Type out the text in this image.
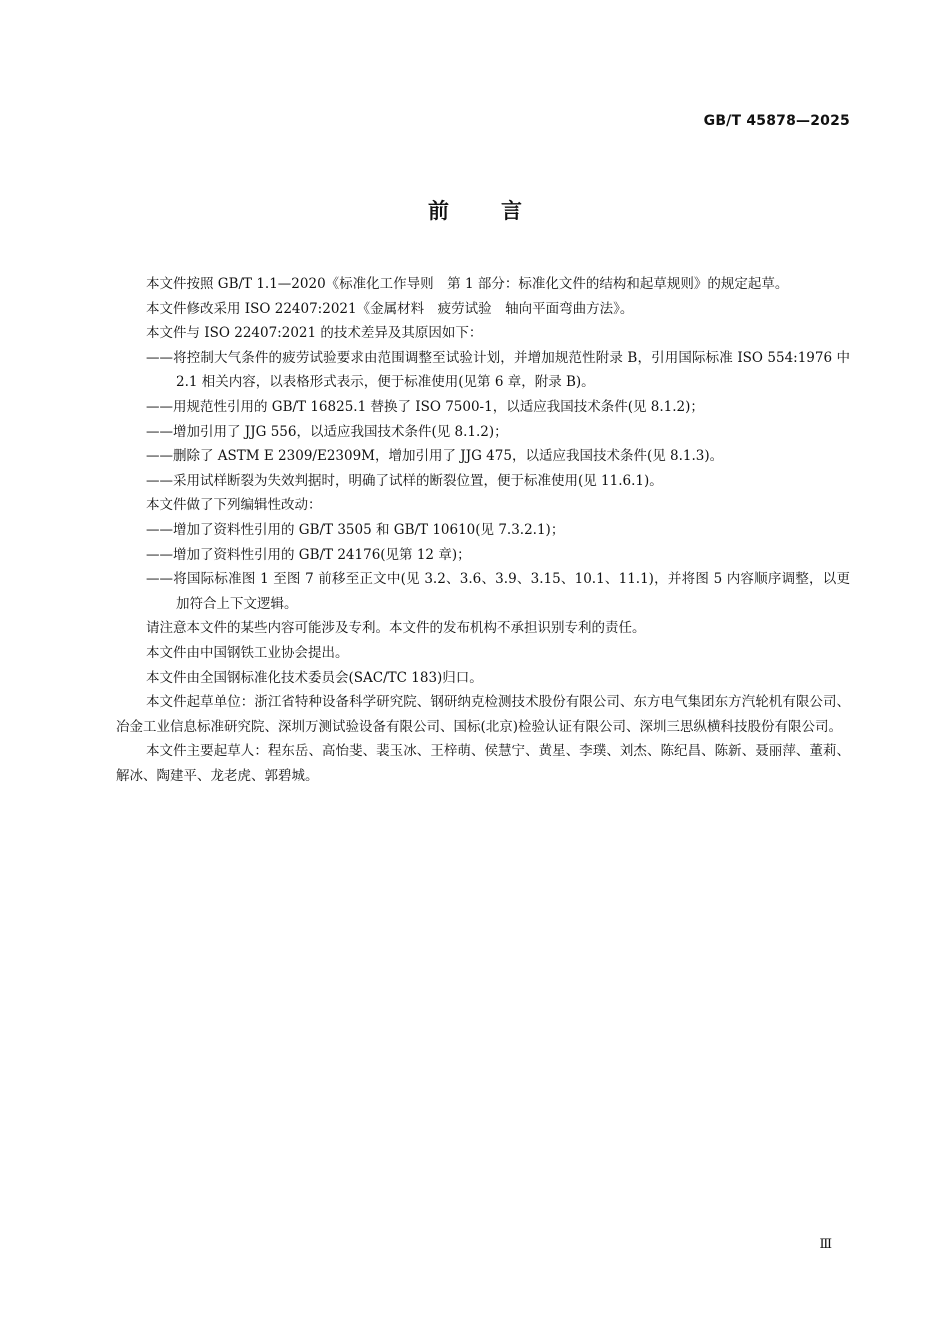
GB/T 45878—2025
前 言

本文件按照 GB/T 1.1—2020《标准化工作导则　第 1 部分：标准化文件的结构和起草规则》的规定起草。

本文件修改采用 ISO 22407:2021《金属材料　疲劳试验　轴向平面弯曲方法》。

本文件与 ISO 22407:2021 的技术差异及其原因如下：

——将控制大气条件的疲劳试验要求由范围调整至试验计划，并增加规范性附录 B，引用国际标准 ISO 554:1976 中 2.1 相关内容，以表格形式表示，便于标准使用(见第 6 章，附录 B)。

——用规范性引用的 GB/T 16825.1 替换了 ISO 7500-1，以适应我国技术条件(见 8.1.2)；

——增加引用了 JJG 556，以适应我国技术条件(见 8.1.2)；

——删除了 ASTM E 2309/E2309M，增加引用了 JJG 475，以适应我国技术条件(见 8.1.3)。

——采用试样断裂为失效判据时，明确了试样的断裂位置，便于标准使用(见 11.6.1)。

本文件做了下列编辑性改动：

——增加了资料性引用的 GB/T 3505 和 GB/T 10610(见 7.3.2.1)；

——增加了资料性引用的 GB/T 24176(见第 12 章)；

——将国际标准图 1 至图 7 前移至正文中(见 3.2、3.6、3.9、3.15、10.1、11.1)，并将图 5 内容顺序调整，以更加符合上下文逻辑。

请注意本文件的某些内容可能涉及专利。本文件的发布机构不承担识别专利的责任。

本文件由中国钢铁工业协会提出。

本文件由全国钢标准化技术委员会(SAC/TC 183)归口。

本文件起草单位：浙江省特种设备科学研究院、钢研纳克检测技术股份有限公司、东方电气集团东方汽轮机有限公司、冶金工业信息标准研究院、深圳万测试验设备有限公司、国标(北京)检验认证有限公司、深圳三思纵横科技股份有限公司。

本文件主要起草人：程东岳、高怡斐、裴玉冰、王梓萌、侯慧宁、黄星、李璞、刘杰、陈纪昌、陈新、聂丽萍、董莉、解冰、陶建平、龙老虎、郭碧城。

Ⅲ
